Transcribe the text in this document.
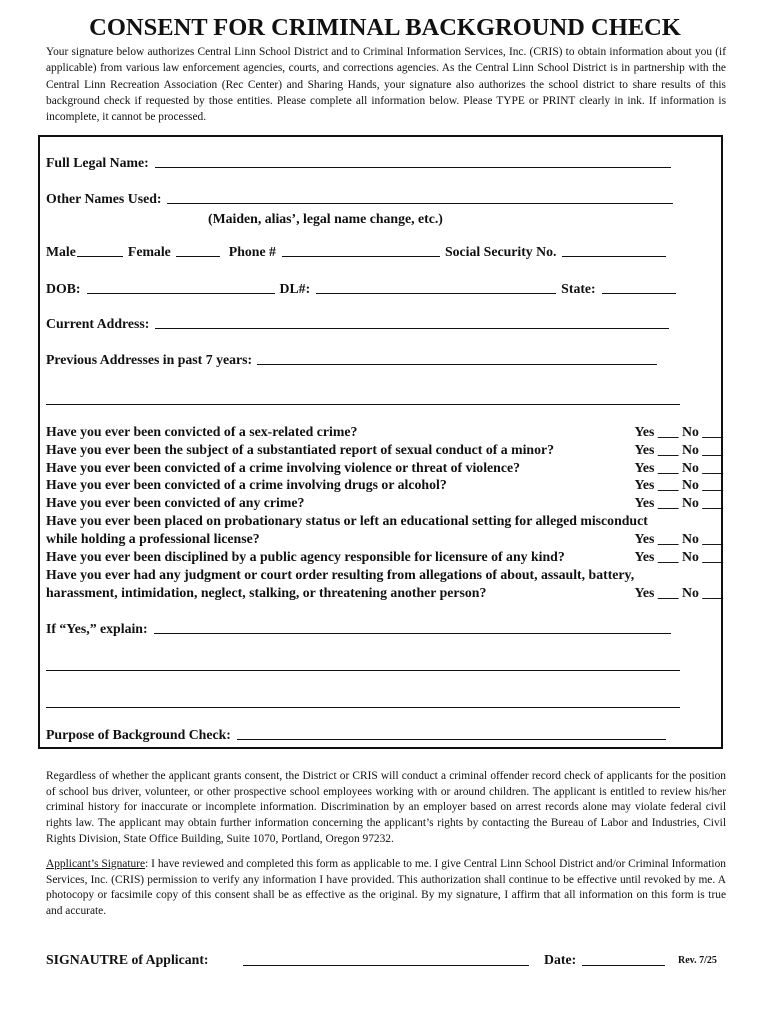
CONSENT FOR CRIMINAL BACKGROUND CHECK

Your signature below authorizes Central Linn School District and to Criminal Information Services, Inc. (CRIS) to obtain information about you (if applicable) from various law enforcement agencies, courts, and corrections agencies. As the Central Linn School District is in partnership with the Central Linn Recreation Association (Rec Center) and Sharing Hands, your signature also authorizes the school district to share results of this background check if requested by those entities. Please complete all information below. Please TYPE or PRINT clearly in ink. If information is incomplete, it cannot be processed.

Full Legal Name:
Other Names Used:
(Maiden, alias’, legal name change, etc.)
Male	Female	Phone #	Social Security No.
DOB:	DL#:	State:
Current Address:
Previous Addresses in past 7 years:
Have you ever been convicted of a sex-related crime?	Yes ___ No ___
Have you ever been the subject of a substantiated report of sexual conduct of a minor?	Yes ___ No ___
Have you ever been convicted of a crime involving violence or threat of violence?	Yes ___ No ___
Have you ever been convicted of a crime involving drugs or alcohol?	Yes ___ No ___
Have you ever been convicted of any crime?	Yes ___ No ___
Have you ever been placed on probationary status or left an educational setting for alleged misconduct
while holding a professional license?	Yes ___ No ___
Have you ever been disciplined by a public agency responsible for licensure of any kind?	Yes ___ No ___
Have you ever had any judgment or court order resulting from allegations of about, assault, battery,
harassment, intimidation, neglect, stalking, or threatening another person?	Yes ___ No ___
If “Yes,” explain:
Purpose of Background Check:

Regardless of whether the applicant grants consent, the District or CRIS will conduct a criminal offender record check of applicants for the position of school bus driver, volunteer, or other prospective school employees working with or around children. The applicant is entitled to review his/her criminal history for inaccurate or incomplete information. Discrimination by an employer based on arrest records alone may violate federal civil rights law. The applicant may obtain further information concerning the applicant’s rights by contacting the Bureau of Labor and Industries, Civil Rights Division, State Office Building, Suite 1070, Portland, Oregon 97232.

Applicant’s Signature: I have reviewed and completed this form as applicable to me. I give Central Linn School District and/or Criminal Information Services, Inc. (CRIS) permission to verify any information I have provided. This authorization shall continue to be effective until revoked by me. A photocopy or facsimile copy of this consent shall be as effective as the original. By my signature, I affirm that all information on this form is true and accurate.

SIGNAUTRE of Applicant:	Date:	Rev. 7/25
